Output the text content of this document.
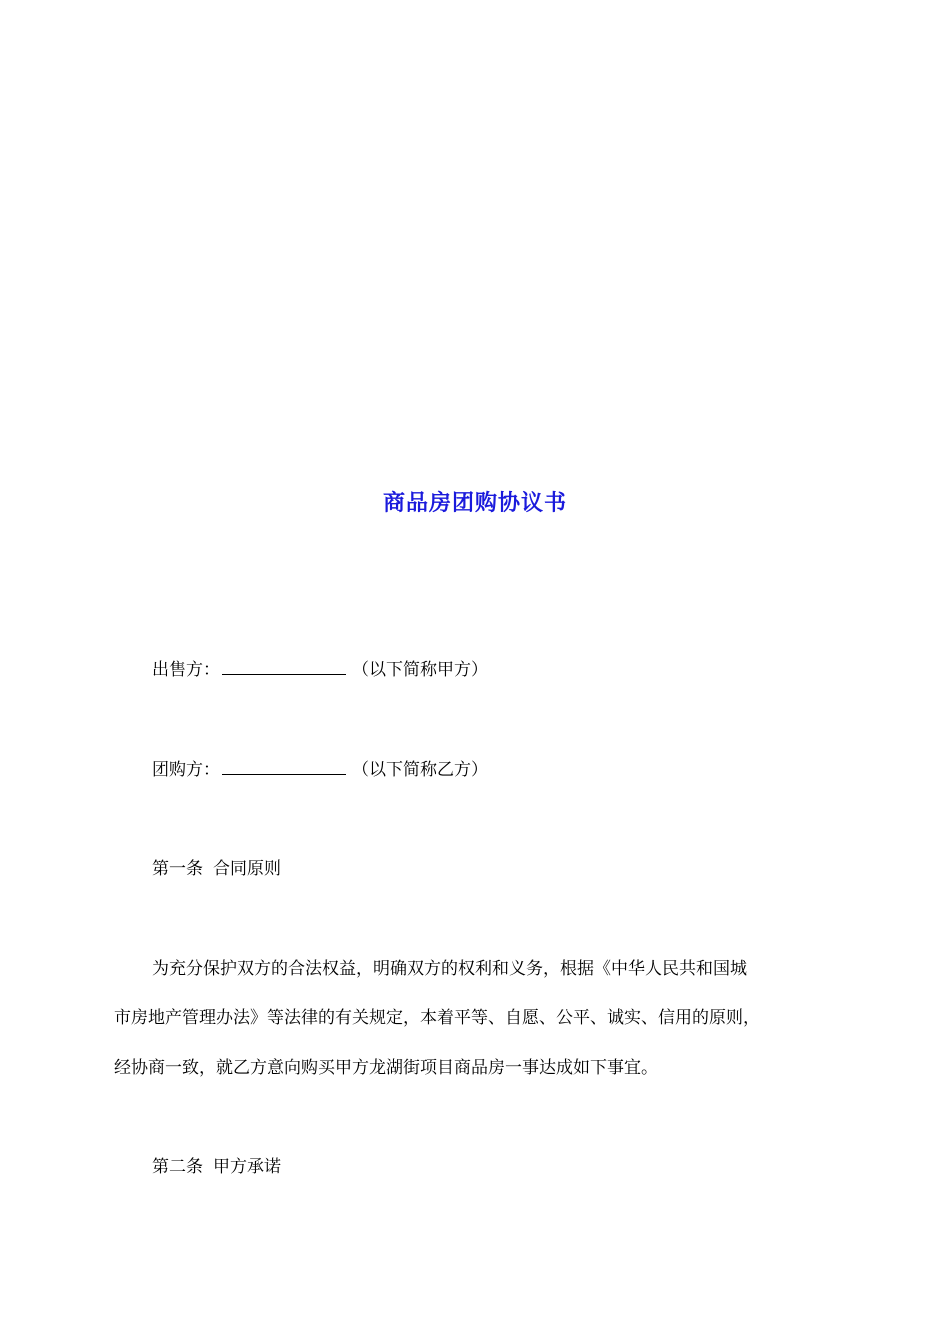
商品房团购协议书
出售方：	（以下简称甲方）
团购方：	（以下简称乙方）
第一条 合同原则
为充分保护双方的合法权益，明确双方的权利和义务，根据《中华人民共和国城
市房地产管理办法》等法律的有关规定，本着平等、自愿、公平、诚实、信用的原则，
经协商一致，就乙方意向购买甲方龙湖街项目商品房一事达成如下事宜。
第二条 甲方承诺
